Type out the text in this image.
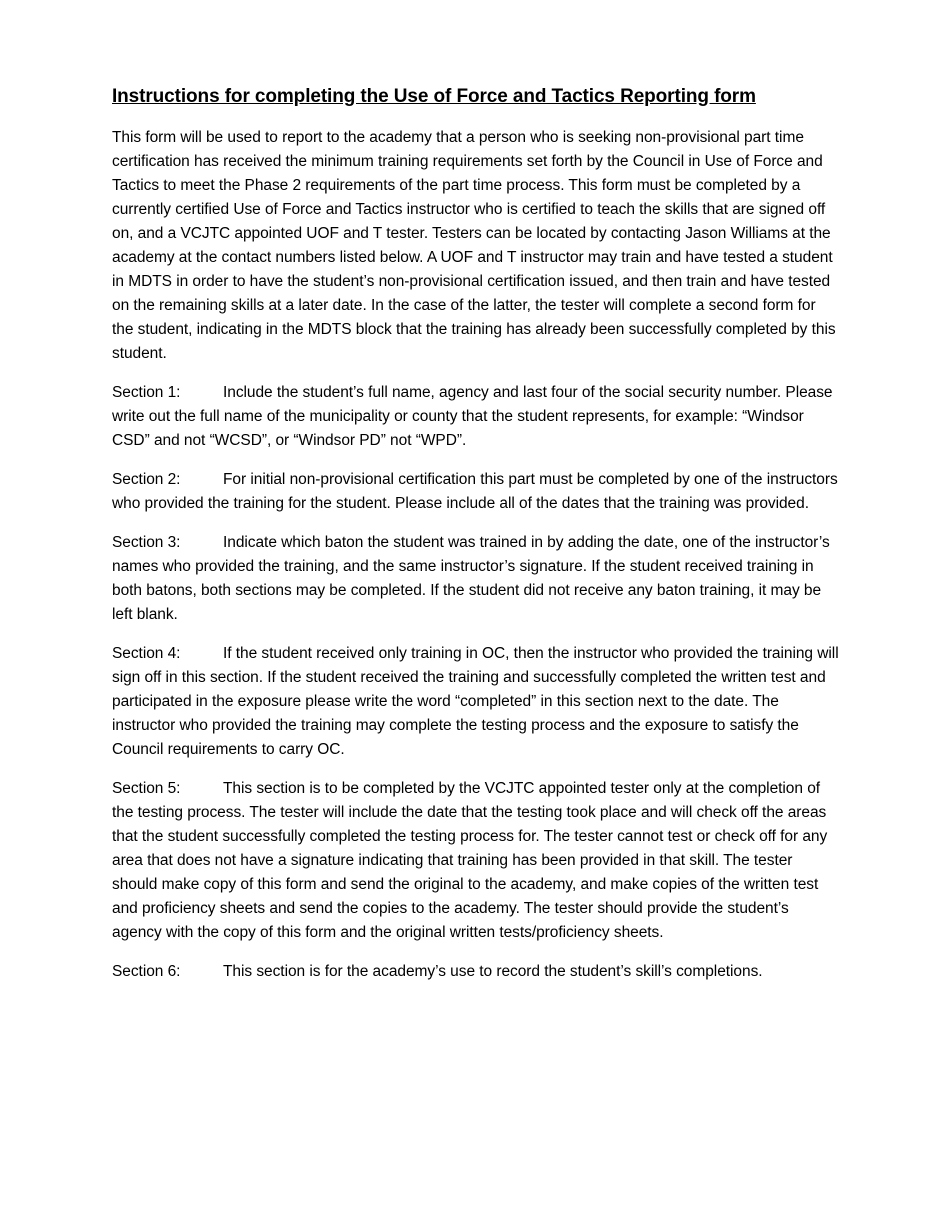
Instructions for completing the Use of Force and Tactics Reporting form

This form will be used to report to the academy that a person who is seeking non-provisional part time certification has received the minimum training requirements set forth by the Council in Use of Force and Tactics to meet the Phase 2 requirements of the part time process. This form must be completed by a currently certified Use of Force and Tactics instructor who is certified to teach the skills that are signed off on, and a VCJTC appointed UOF and T tester. Testers can be located by contacting Jason Williams at the academy at the contact numbers listed below. A UOF and T instructor may train and have tested a student in MDTS in order to have the student’s non-provisional certification issued, and then train and have tested on the remaining skills at a later date. In the case of the latter, the tester will complete a second form for the student, indicating in the MDTS block that the training has already been successfully completed by this student.

Section 1:	Include the student’s full name, agency and last four of the social security number. Please write out the full name of the municipality or county that the student represents, for example: “Windsor CSD” and not “WCSD”, or “Windsor PD” not “WPD”.

Section 2:	For initial non-provisional certification this part must be completed by one of the instructors who provided the training for the student. Please include all of the dates that the training was provided.

Section 3:	Indicate which baton the student was trained in by adding the date, one of the instructor’s names who provided the training, and the same instructor’s signature. If the student received training in both batons, both sections may be completed. If the student did not receive any baton training, it may be left blank.

Section 4:	If the student received only training in OC, then the instructor who provided the training will sign off in this section. If the student received the training and successfully completed the written test and participated in the exposure please write the word “completed” in this section next to the date. The instructor who provided the training may complete the testing process and the exposure to satisfy the Council requirements to carry OC.

Section 5:	This section is to be completed by the VCJTC appointed tester only at the completion of the testing process. The tester will include the date that the testing took place and will check off the areas that the student successfully completed the testing process for. The tester cannot test or check off for any area that does not have a signature indicating that training has been provided in that skill. The tester should make copy of this form and send the original to the academy, and make copies of the written test and proficiency sheets and send the copies to the academy. The tester should provide the student’s agency with the copy of this form and the original written tests/proficiency sheets.

Section 6:	This section is for the academy’s use to record the student’s skill’s completions.
